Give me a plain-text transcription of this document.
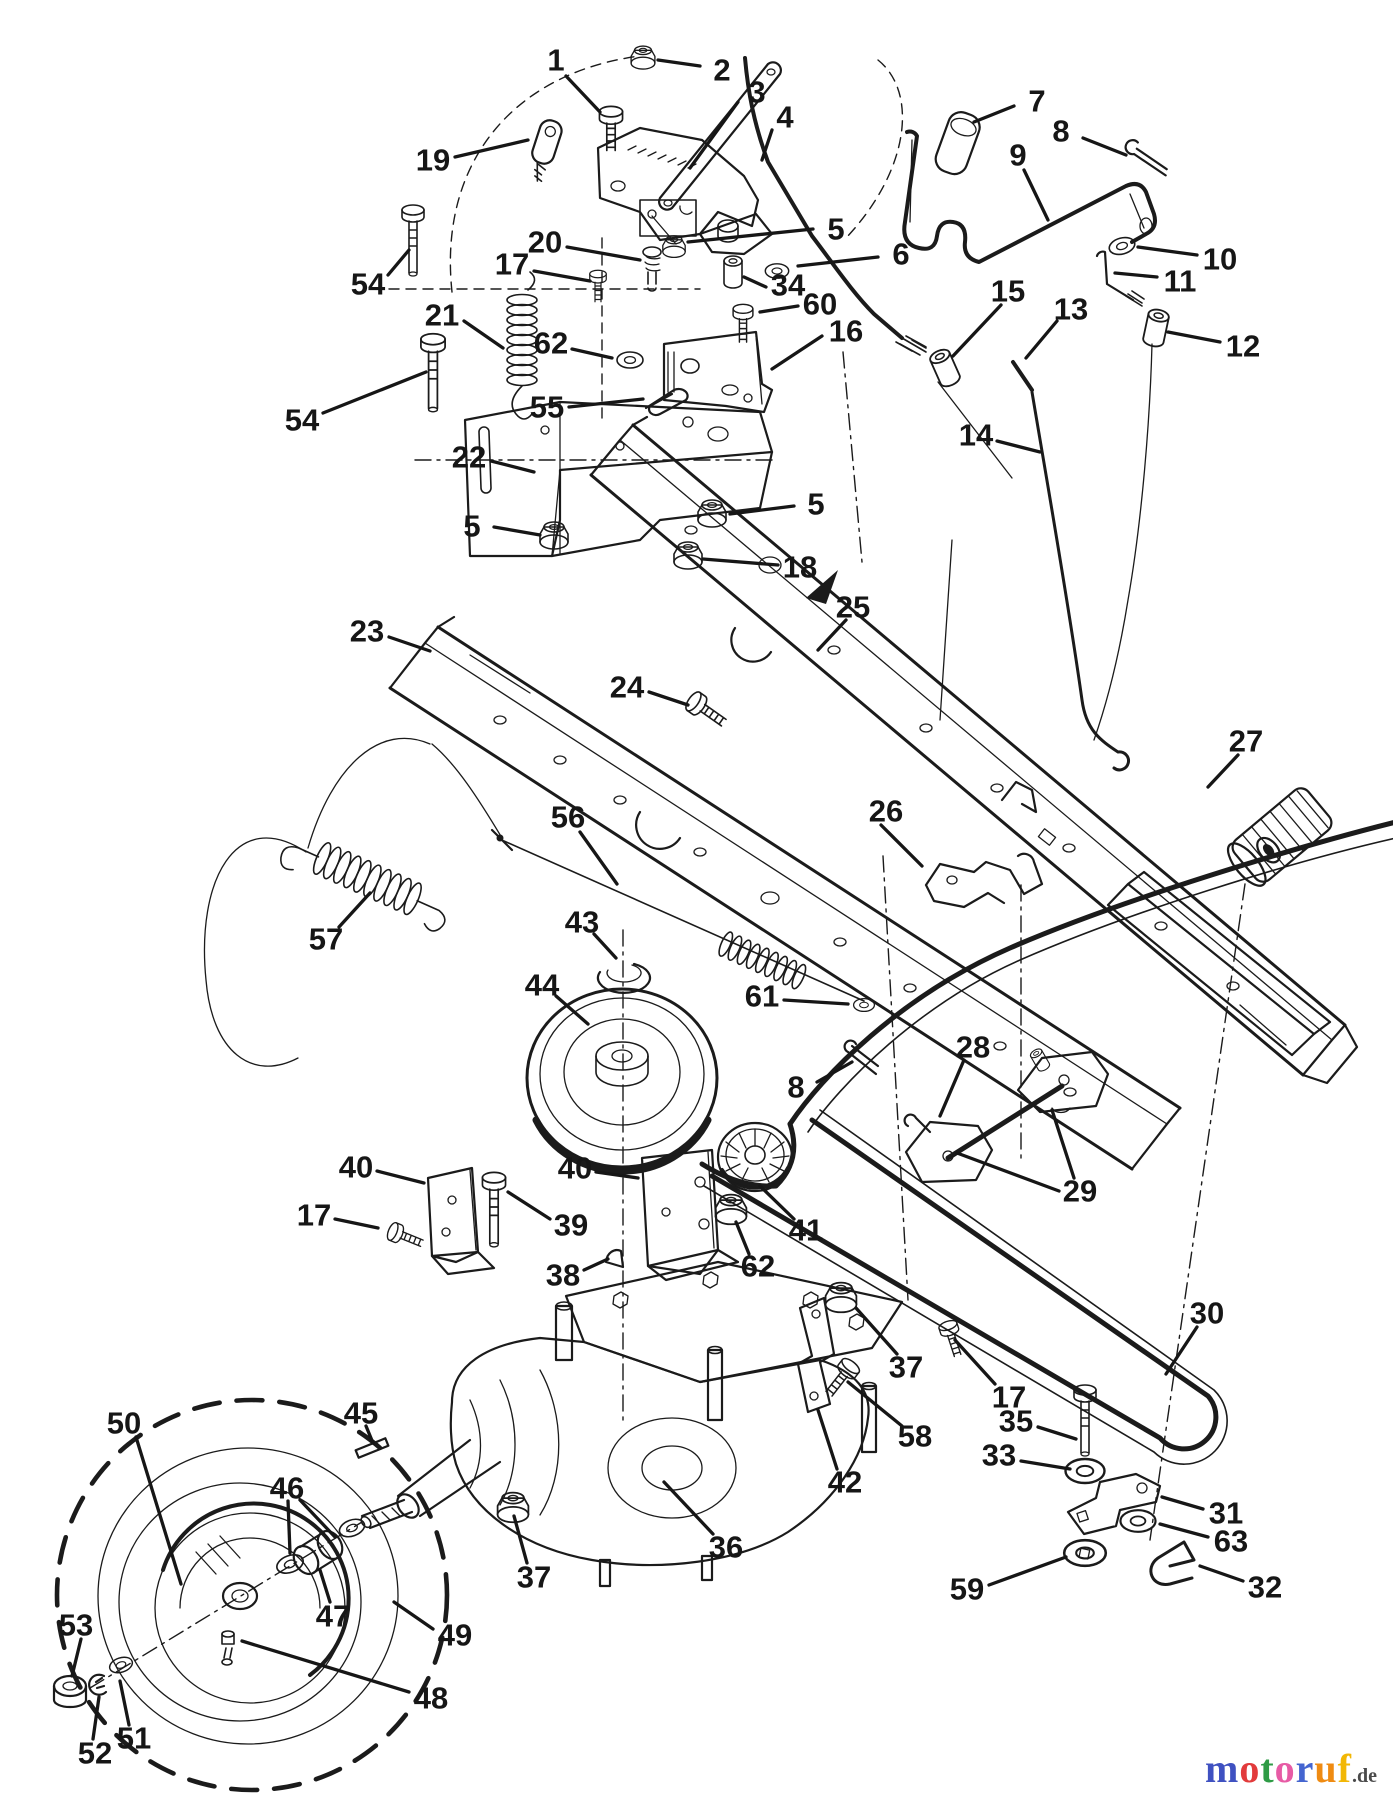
1	2
3
4	7
8
9
19
10
11
5
6
20
17
54	15
13
34
60
12
21
62	16
55
54	14
22
5
5
18
23
25
24
27
26
56
57	43
44	61
8
28
29
40	40
17	39
38
41
62
30
37
17
35
33
58
42
36
31
63
59	32
45
50
46
47
49
48
53
51
52
37
motoruf.de
